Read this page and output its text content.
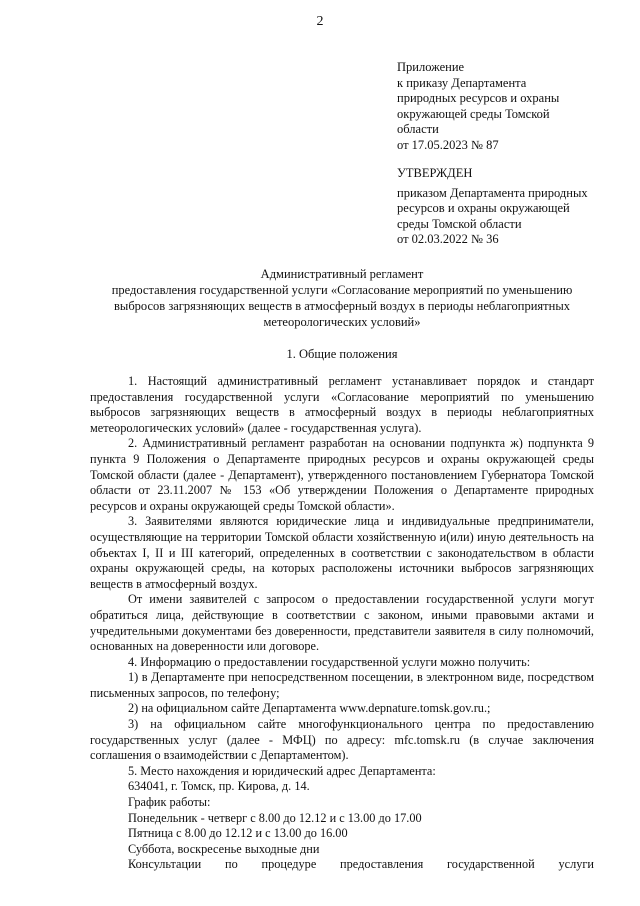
2
Приложение
к приказу Департамента
природных ресурсов и охраны
окружающей среды Томской
области
от 17.05.2023 № 87
УТВЕРЖДЕН
приказом Департамента природных
ресурсов и охраны окружающей
среды Томской области
от 02.03.2022 № 36
Административный регламент
предоставления государственной услуги «Согласование мероприятий по уменьшению
выбросов загрязняющих веществ в атмосферный воздух в периоды неблагоприятных
метеорологических условий»
1. Общие положения

1. Настоящий административный регламент устанавливает порядок и стандарт предоставления государственной услуги «Согласование мероприятий по уменьшению выбросов загрязняющих веществ в атмосферный воздух в периоды неблагоприятных метеорологических условий» (далее - государственная услуга).

2. Административный регламент разработан на основании подпункта ж) подпункта 9 пункта 9 Положения о Департаменте природных ресурсов и охраны окружающей среды Томской области (далее - Департамент), утвержденного постановлением Губернатора Томской области от 23.11.2007 № 153 «Об утверждении Положения о Департаменте природных ресурсов и охраны окружающей среды Томской области».

3. Заявителями являются юридические лица и индивидуальные предприниматели, осуществляющие на территории Томской области хозяйственную и(или) иную деятельность на объектах I, II и III категорий, определенных в соответствии с законодательством в области охраны окружающей среды, на которых расположены источники выбросов загрязняющих веществ в атмосферный воздух.

От имени заявителей с запросом о предоставлении государственной услуги могут обратиться лица, действующие в соответствии с законом, иными правовыми актами и учредительными документами без доверенности, представители заявителя в силу полномочий, основанных на доверенности или договоре.

4. Информацию о предоставлении государственной услуги можно получить:

1) в Департаменте при непосредственном посещении, в электронном виде, посредством письменных запросов, по телефону;

2) на официальном сайте Департамента www.depnature.tomsk.gov.ru.;

3) на официальном сайте многофункционального центра по предоставлению государственных услуг (далее - МФЦ) по адресу: mfc.tomsk.ru (в случае заключения соглашения о взаимодействии с Департаментом).

5. Место нахождения и юридический адрес Департамента:

634041, г. Томск, пр. Кирова, д. 14.

График работы:

Понедельник - четверг с 8.00 до 12.12 и с 13.00 до 17.00

Пятница с 8.00 до 12.12 и с 13.00 до 16.00

Суббота, воскресенье выходные дни

Консультации по процедуре предоставления государственной услуги
